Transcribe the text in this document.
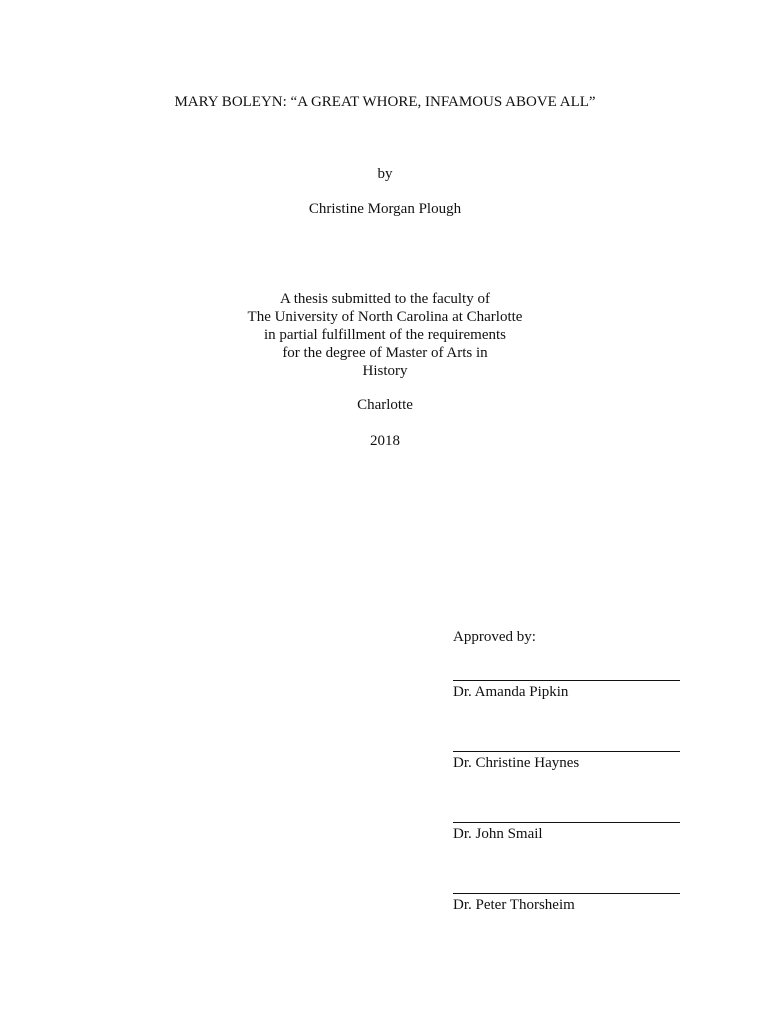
MARY BOLEYN: “A GREAT WHORE, INFAMOUS ABOVE ALL”
by
Christine Morgan Plough
A thesis submitted to the faculty of
The University of North Carolina at Charlotte
in partial fulfillment of the requirements
for the degree of Master of Arts in
History
Charlotte
2018
Approved by:
Dr. Amanda Pipkin
Dr. Christine Haynes
Dr. John Smail
Dr. Peter Thorsheim
